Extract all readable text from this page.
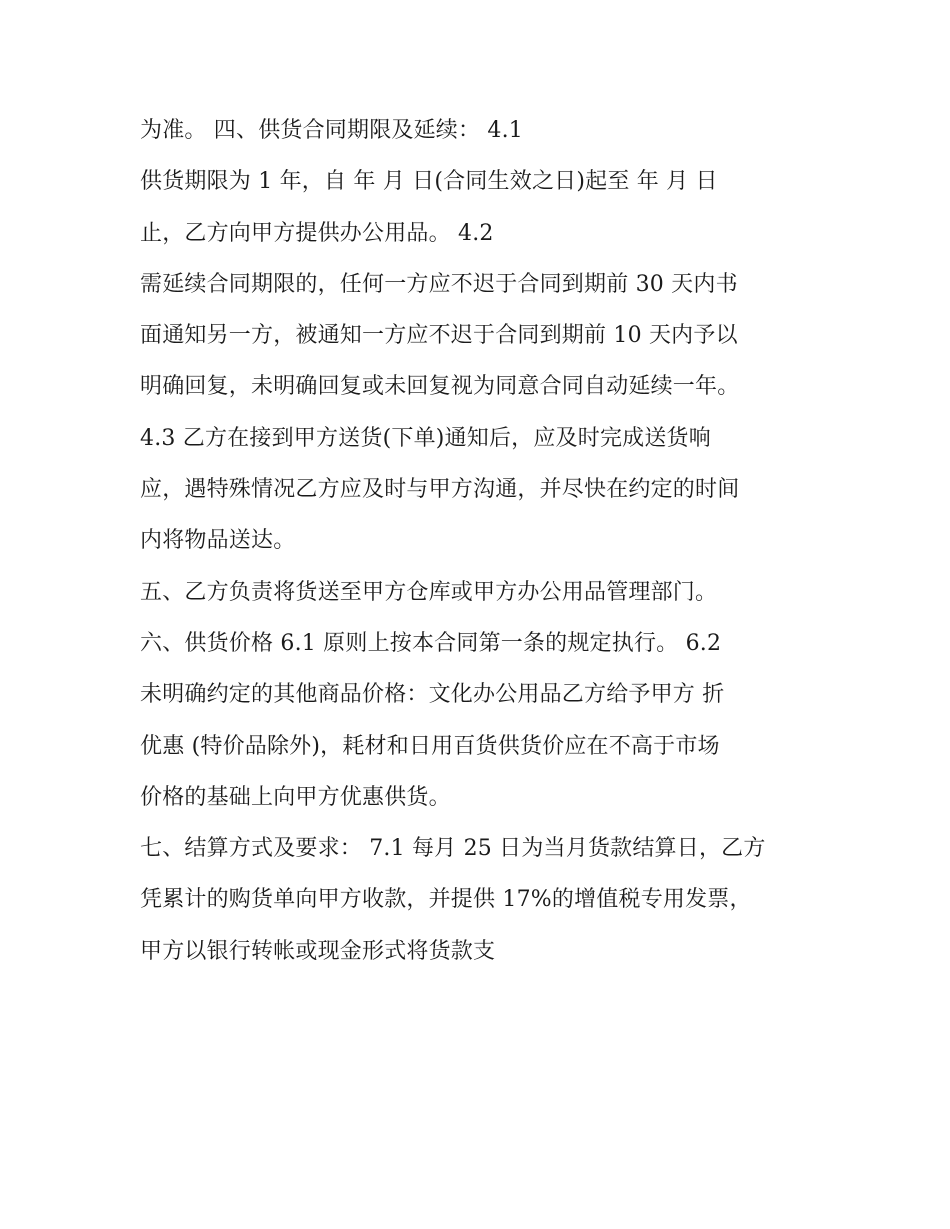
为准。 四、供货合同期限及延续： 4.1
供货期限为 1 年，自 年 月 日(合同生效之日)起至 年 月 日
止，乙方向甲方提供办公用品。 4.2
需延续合同期限的，任何一方应不迟于合同到期前 30 天内书
面通知另一方，被通知一方应不迟于合同到期前 10 天内予以
明确回复，未明确回复或未回复视为同意合同自动延续一年。
4.3 乙方在接到甲方送货(下单)通知后，应及时完成送货响
应，遇特殊情况乙方应及时与甲方沟通，并尽快在约定的时间
内将物品送达。
五、乙方负责将货送至甲方仓库或甲方办公用品管理部门。
六、供货价格 6.1 原则上按本合同第一条的规定执行。 6.2
未明确约定的其他商品价格：文化办公用品乙方给予甲方 折
优惠 (特价品除外)，耗材和日用百货供货价应在不高于市场
价格的基础上向甲方优惠供货。
七、结算方式及要求： 7.1 每月 25 日为当月货款结算日，乙方
凭累计的购货单向甲方收款，并提供 17%的增值税专用发票，
甲方以银行转帐或现金形式将货款支
